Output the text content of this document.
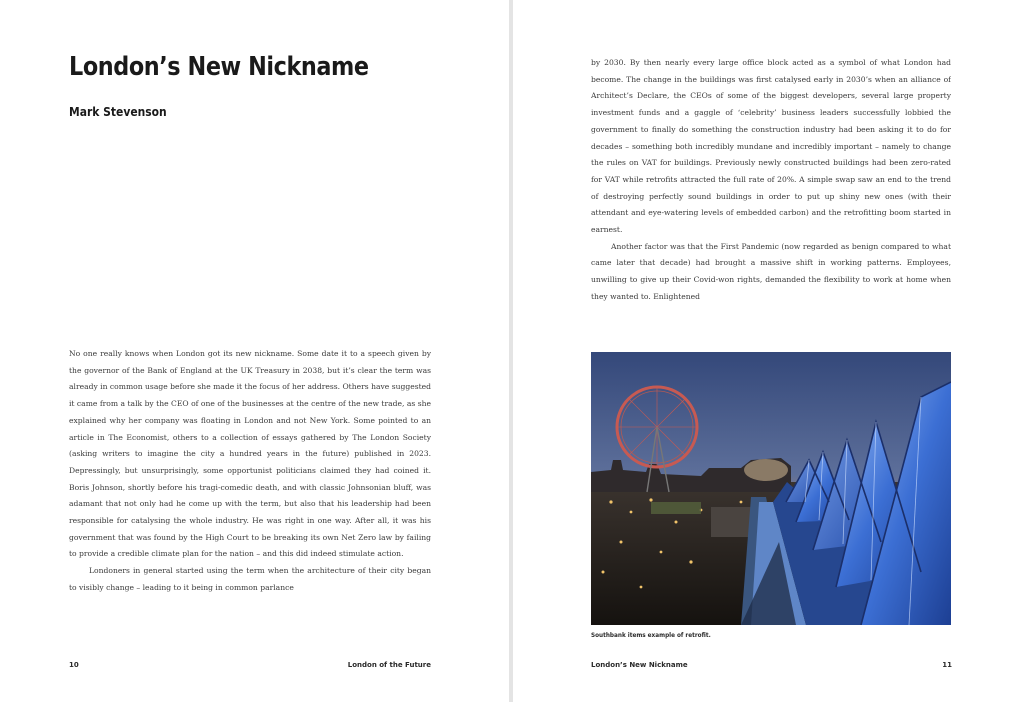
London’s New Nickname
Mark Stevenson

No one really knows when London got its new nickname. Some date it to a speech given by the governor of the Bank of England at the UK Treasury in 2038, but it’s clear the term was already in common usage before she made it the focus of her address. Others have suggested it came from a talk by the CEO of one of the businesses at the centre of the new trade, as she explained why her company was floating in London and not New York. Some pointed to an article in The Economist, others to a collection of essays gathered by The London Society (asking writers to imagine the city a hundred years in the future) published in 2023. Depressingly, but unsurprisingly, some opportunist politicians claimed they had coined it. Boris Johnson, shortly before his tragi-comedic death, and with classic Johnsonian bluff, was adamant that not only had he come up with the term, but also that his leadership had been responsible for catalysing the whole industry. He was right in one way. After all, it was his government that was found by the High Court to be breaking its own Net Zero law by failing to provide a credible climate plan for the nation – and this did indeed stimulate action.

Londoners in general started using the term when the architecture of their city began to visibly change – leading to it being in common parlance

10	London of the Future

by 2030. By then nearly every large office block acted as a symbol of what London had become. The change in the buildings was first catalysed early in 2030’s when an alliance of Architect’s Declare, the CEOs of some of the biggest developers, several large property investment funds and a gaggle of ‘celebrity’ business leaders successfully lobbied the government to finally do something the construction industry had been asking it to do for decades – something both incredibly mundane and incredibly important – namely to change the rules on VAT for buildings. Previously newly constructed buildings had been zero-rated for VAT while retrofits attracted the full rate of 20%. A simple swap saw an end to the trend of destroying perfectly sound buildings in order to put up shiny new ones (with their attendant and eye-watering levels of embedded carbon) and the retrofitting boom started in earnest.

Another factor was that the First Pandemic (now regarded as benign compared to what came later that decade) had brought a massive shift in working patterns. Employees, unwilling to give up their Covid-won rights, demanded the flexibility to work at home when they wanted to. Enlightened

Southbank items example of retrofit.
London’s New Nickname	11
